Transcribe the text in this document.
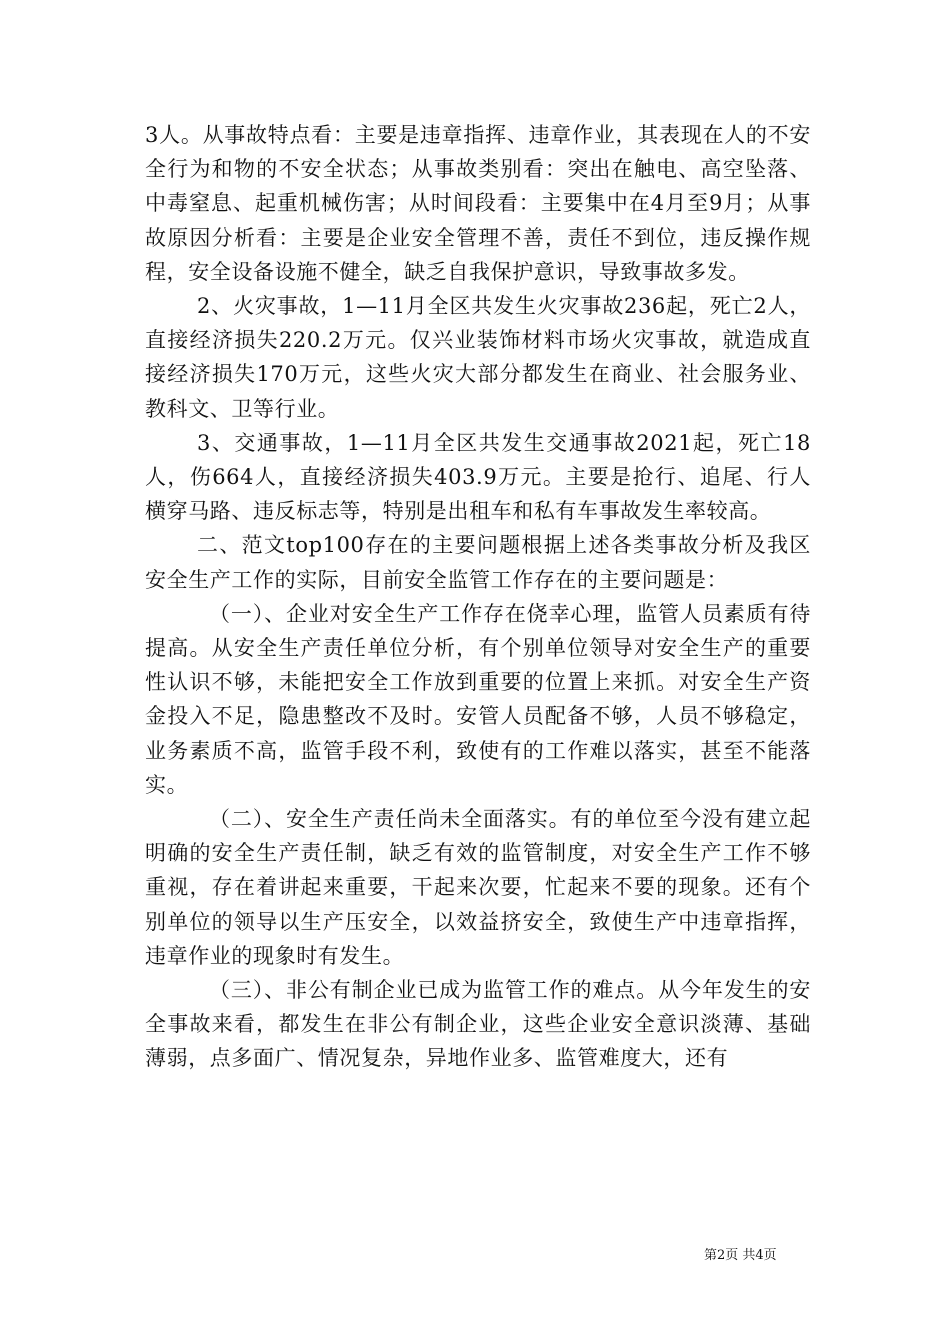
3人。从事故特点看：主要是违章指挥、违章作业，其表现在人的不安全行为和物的不安全状态；从事故类别看：突出在触电、高空坠落、中毒窒息、起重机械伤害；从时间段看：主要集中在4月至9月；从事故原因分析看：主要是企业安全管理不善，责任不到位，违反操作规程，安全设备设施不健全，缺乏自我保护意识，导致事故多发。

2、火灾事故，1—11月全区共发生火灾事故236起，死亡2人，直接经济损失220.2万元。仅兴业装饰材料市场火灾事故，就造成直接经济损失170万元，这些火灾大部分都发生在商业、社会服务业、教科文、卫等行业。

3、交通事故，1—11月全区共发生交通事故2021起，死亡18人，伤664人，直接经济损失403.9万元。主要是抢行、追尾、行人横穿马路、违反标志等，特别是出租车和私有车事故发生率较高。

二、范文top100存在的主要问题根据上述各类事故分析及我区安全生产工作的实际，目前安全监管工作存在的主要问题是：

（一）、企业对安全生产工作存在侥幸心理，监管人员素质有待提高。从安全生产责任单位分析，有个别单位领导对安全生产的重要性认识不够，未能把安全工作放到重要的位置上来抓。对安全生产资金投入不足，隐患整改不及时。安管人员配备不够，人员不够稳定，业务素质不高，监管手段不利，致使有的工作难以落实，甚至不能落实。

（二）、安全生产责任尚未全面落实。有的单位至今没有建立起明确的安全生产责任制，缺乏有效的监管制度，对安全生产工作不够重视，存在着讲起来重要，干起来次要，忙起来不要的现象。还有个别单位的领导以生产压安全，以效益挤安全，致使生产中违章指挥，违章作业的现象时有发生。

（三）、非公有制企业已成为监管工作的难点。从今年发生的安全事故来看，都发生在非公有制企业，这些企业安全意识淡薄、基础薄弱，点多面广、情况复杂，异地作业多、监管难度大，还有

第2页 共4页
